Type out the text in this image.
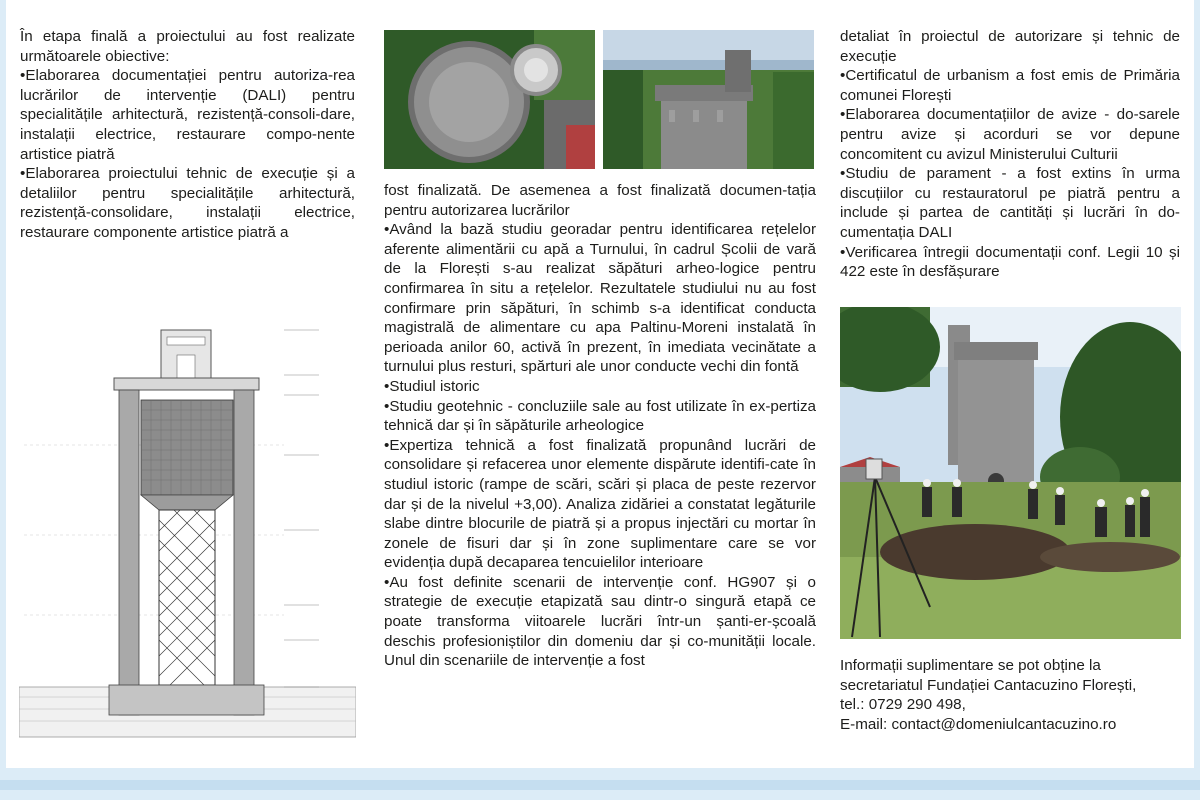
În etapa finală a proiectului au fost realizate următoarele obiective:

•Elaborarea documentației pentru autoriza-rea lucrărilor de intervenție (DALI) pentru specialitățile arhitectură, rezistență-consoli-dare, instalații electrice, restaurare compo-nente artistice piatră

•Elaborarea proiectului tehnic de execuție și a detaliilor pentru specialitățile arhitectură, rezistență-consolidare, instalații electrice, restaurare componente artistice piatră a

fost finalizată. De asemenea a fost finalizată documen-tația pentru autorizarea lucrărilor

•Având la bază studiu georadar pentru identificarea rețelelor aferente alimentării cu apă a Turnului, în cadrul Școlii de vară de la Florești s-au realizat săpături arheo-logice pentru confirmarea în situ a rețelelor. Rezultatele studiului nu au fost confirmare prin săpături, în schimb s-a identificat conducta magistrală de alimentare cu apa Paltinu-Moreni instalată în perioada anilor 60, activă în prezent, în imediata vecinătate a turnului plus resturi, spărturi ale unor conducte vechi din fontă

•Studiul istoric

•Studiu geotehnic - concluziile sale au fost utilizate în ex-pertiza tehnică dar și în săpăturile arheologice

•Expertiza tehnică a fost finalizată propunând lucrări de consolidare și refacerea unor elemente dispărute identifi-cate în studiul istoric (rampe de scări, scări și placa de peste rezervor dar și de la nivelul +3,00). Analiza zidăriei a constatat legăturile slabe dintre blocurile de piatră și a propus injectări cu mortar în zonele de fisuri dar și în zone suplimentare care se vor evidenția după decaparea tencuielilor interioare

•Au fost definite scenarii de intervenție conf. HG907 și o strategie de execuție etapizată sau dintr-o singură etapă ce poate transforma viitoarele lucrări într-un șanti-er-școală deschis profesioniștilor din domeniu dar și co-munității locale. Unul din scenariile de intervenție a fost

detaliat în proiectul de autorizare și tehnic de execuție

•Certificatul de urbanism a fost emis de Primăria comunei Florești

•Elaborarea documentațiilor de avize - do-sarele pentru avize și acorduri se vor depune concomitent cu avizul Ministerului Culturii

•Studiu de parament - a fost extins în urma discuțiilor cu restauratorul pe piatră pentru a include și partea de cantități și lucrări în do-cumentația DALI

•Verificarea întregii documentații conf. Legii 10 și 422 este în desfășurare

Informații suplimentare se pot obține la

secretariatul Fundației Cantacuzino Florești,

tel.: 0729 290 498,

E-mail: contact@domeniulcantacuzino.ro
